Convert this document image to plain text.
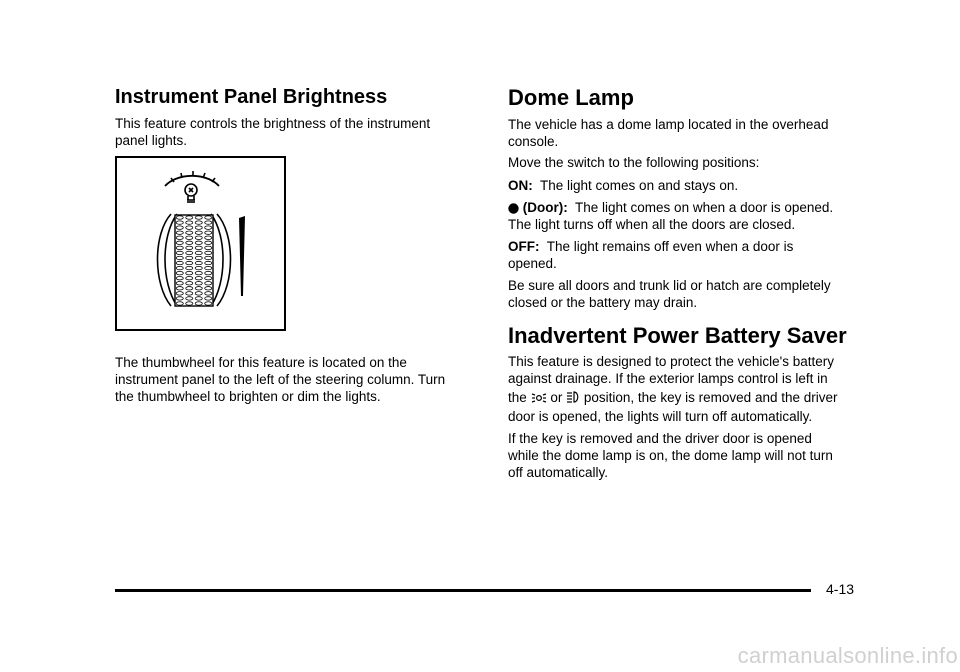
Instrument Panel Brightness

This feature controls the brightness of the instrument

panel lights.

The thumbwheel for this feature is located on the

instrument panel to the left of the steering column. Turn

the thumbwheel to brighten or dim the lights.

Dome Lamp

The vehicle has a dome lamp located in the overhead

console.

Move the switch to the following positions:

ON: The light comes on and stays on.

(Door): The light comes on when a door is opened.

The light turns off when all the doors are closed.

OFF: The light remains off even when a door is

opened.

Be sure all doors and trunk lid or hatch are completely

closed or the battery may drain.

Inadvertent Power Battery Saver

This feature is designed to protect the vehicle's battery

against drainage. If the exterior lamps control is left in

the or position, the key is removed and the driver

door is opened, the lights will turn off automatically.

If the key is removed and the driver door is opened

while the dome lamp is on, the dome lamp will not turn

off automatically.

4-13
carmanualsonline.info
